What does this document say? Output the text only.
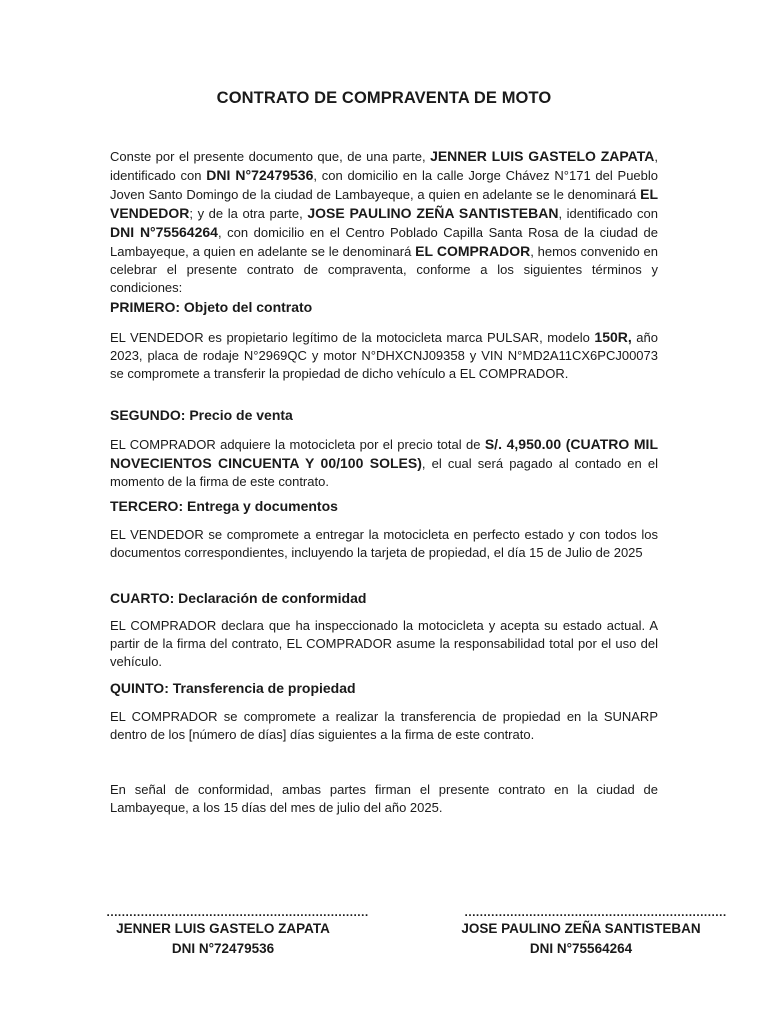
CONTRATO DE COMPRAVENTA DE MOTO

Conste por el presente documento que, de una parte, JENNER LUIS GASTELO ZAPATA, identificado con DNI N°72479536, con domicilio en la calle Jorge Chávez N°171 del Pueblo Joven Santo Domingo de la ciudad de Lambayeque, a quien en adelante se le denominará EL VENDEDOR; y de la otra parte, JOSE PAULINO ZEÑA SANTISTEBAN, identificado con DNI N°75564264, con domicilio en el Centro Poblado Capilla Santa Rosa de la ciudad de Lambayeque, a quien en adelante se le denominará EL COMPRADOR, hemos convenido en celebrar el presente contrato de compraventa, conforme a los siguientes términos y condiciones:

PRIMERO: Objeto del contrato

EL VENDEDOR es propietario legítimo de la motocicleta marca PULSAR, modelo 150R, año 2023, placa de rodaje N°2969QC y motor N°DHXCNJ09358 y VIN N°MD2A11CX6PCJ00073 se compromete a transferir la propiedad de dicho vehículo a EL COMPRADOR.

SEGUNDO: Precio de venta

EL COMPRADOR adquiere la motocicleta por el precio total de S/. 4,950.00 (CUATRO MIL NOVECIENTOS CINCUENTA Y 00/100 SOLES), el cual será pagado al contado en el momento de la firma de este contrato.

TERCERO: Entrega y documentos

EL VENDEDOR se compromete a entregar la motocicleta en perfecto estado y con todos los documentos correspondientes, incluyendo la tarjeta de propiedad, el día 15 de Julio de 2025

CUARTO: Declaración de conformidad

EL COMPRADOR declara que ha inspeccionado la motocicleta y acepta su estado actual. A partir de la firma del contrato, EL COMPRADOR asume la responsabilidad total por el uso del vehículo.

QUINTO: Transferencia de propiedad

EL COMPRADOR se compromete a realizar la transferencia de propiedad en la SUNARP dentro de los [número de días] días siguientes a la firma de este contrato.

En señal de conformidad, ambas partes firman el presente contrato en la ciudad de Lambayeque, a los 15 días del mes de julio del año 2025.

……………………………………………………………	……………………………………………………………
JENNER LUIS GASTELO ZAPATA
DNI N°72479536
JOSE PAULINO ZEÑA SANTISTEBAN
DNI N°75564264
